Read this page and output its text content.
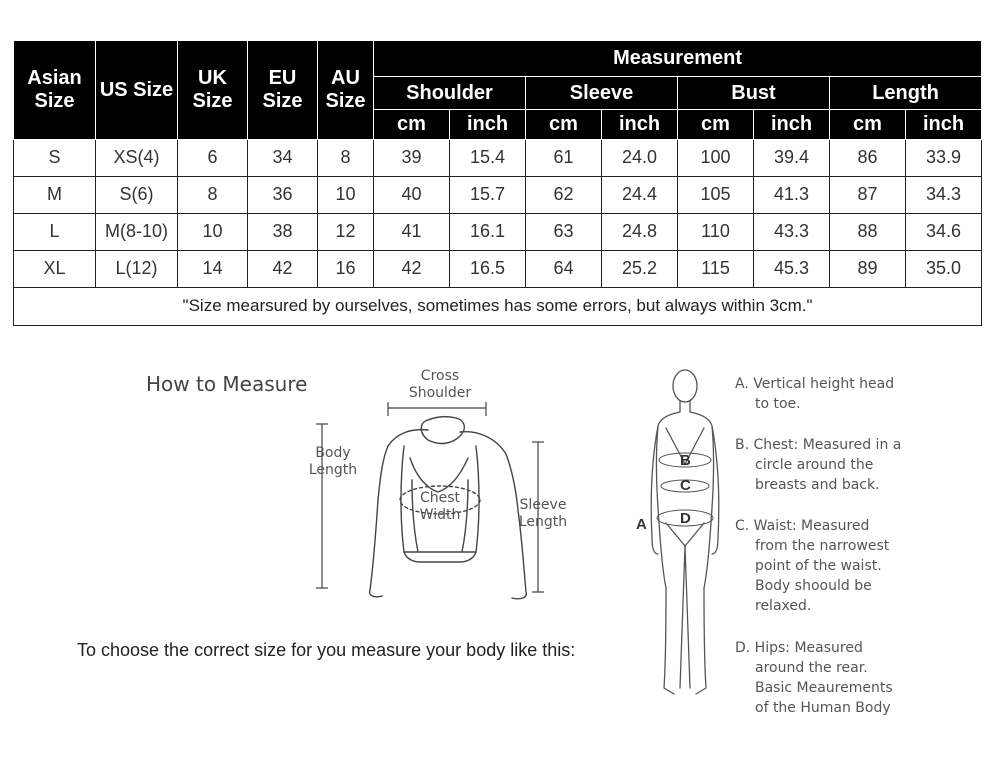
Asian Size	US Size	UK Size	EU Size	AU Size	Measurement							
					Shoulder		Sleeve		Bust		Length	
					cm	inch	cm	inch	cm	inch	cm	inch
S	XS(4)	6	34	8	39	15.4	61	24.0	100	39.4	86	33.9
M	S(6)	8	36	10	40	15.7	62	24.4	105	41.3	87	34.3
L	M(8-10)	10	38	12	41	16.1	63	24.8	110	43.3	88	34.6
XL	L(12)	14	42	16	42	16.5	64	25.2	115	45.3	89	35.0
"Size mearsured by ourselves, sometimes has some errors, but always within 3cm."												
How to Measure	Cross
Shoulder
Body
Length
Chest
Width
Sleeve
Length
To choose the correct size for you measure your body like this:
A
B
C
D
A. Vertical height head
to toe.
B. Chest: Measured in a
circle around the
breasts and back.
C. Waist: Measured
from the narrowest
point of the waist.
Body shoould be
relaxed.
D. Hips: Measured
around the rear.
Basic Meaurements
of the Human Body
